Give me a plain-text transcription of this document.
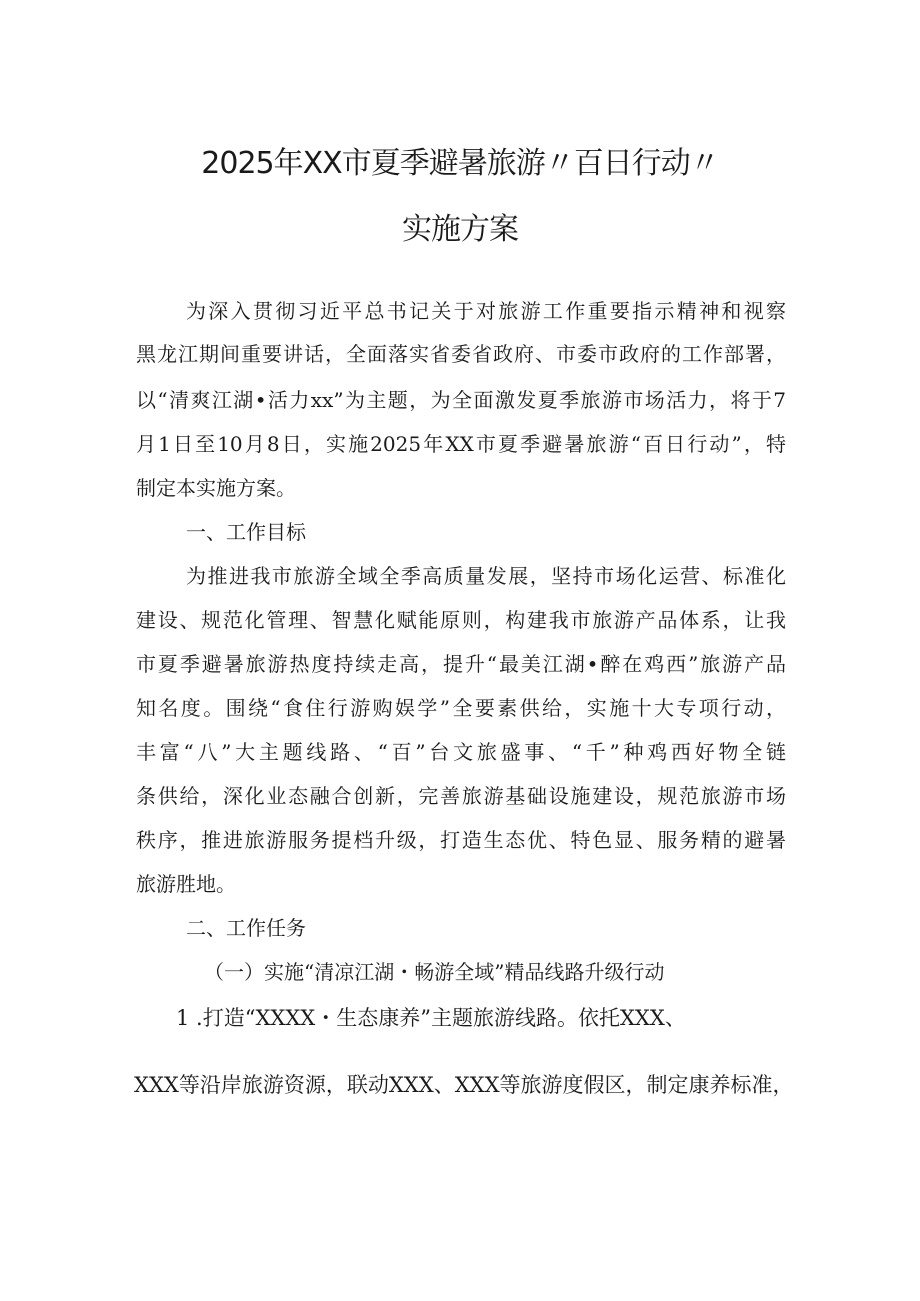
2025年XX市夏季避暑旅游〃百日行动〃
实施方案
为深入贯彻习近平总书记关于对旅游工作重要指示精神和视察
黑龙江期间重要讲话，全面落实省委省政府、市委市政府的工作部署，
以“清爽江湖•活力xx”为主题，为全面激发夏季旅游市场活力，将于7
月1日至10月8日，实施2025年XX市夏季避暑旅游“百日行动”，特
制定本实施方案。
一、工作目标
为推进我市旅游全域全季高质量发展，坚持市场化运营、标准化
建设、规范化管理、智慧化赋能原则，构建我市旅游产品体系，让我
市夏季避暑旅游热度持续走高，提升“最美江湖•醉在鸡西”旅游产品
知名度。围绕“食住行游购娱学”全要素供给，实施十大专项行动，
丰富“八”大主题线路、“百”台文旅盛事、“千”种鸡西好物全链
条供给，深化业态融合创新，完善旅游基础设施建设，规范旅游市场
秩序，推进旅游服务提档升级，打造生态优、特色显、服务精的避暑
旅游胜地。
二、工作任务
（一）实施“清凉江湖・畅游全域”精品线路升级行动
1 .打造“XXXX・生态康养”主题旅游线路。依托XXX、
XXX等沿岸旅游资源，联动XXX、XXX等旅游度假区，制定康养标准，
